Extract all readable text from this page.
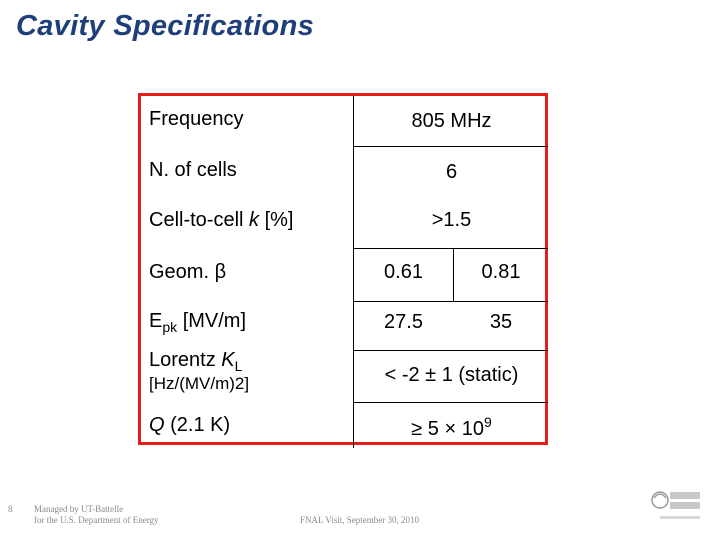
Cavity Specifications
Frequency	805 MHz
N. of cells	6
Cell-to-cell k [%]	>1.5
Geom. β	0.61	0.81
$E_{pk}$ [MV/m]	27.5	35
Lorentz $K_L$
[Hz/(MV/m)2]	< -2 ± 1 (static)
Q (2.1 K)	≥ $5 \times 10^9$
8 Managed by UT-Battelle
for the U.S. Department of Energy	FNAL Visit, September 30, 2010
